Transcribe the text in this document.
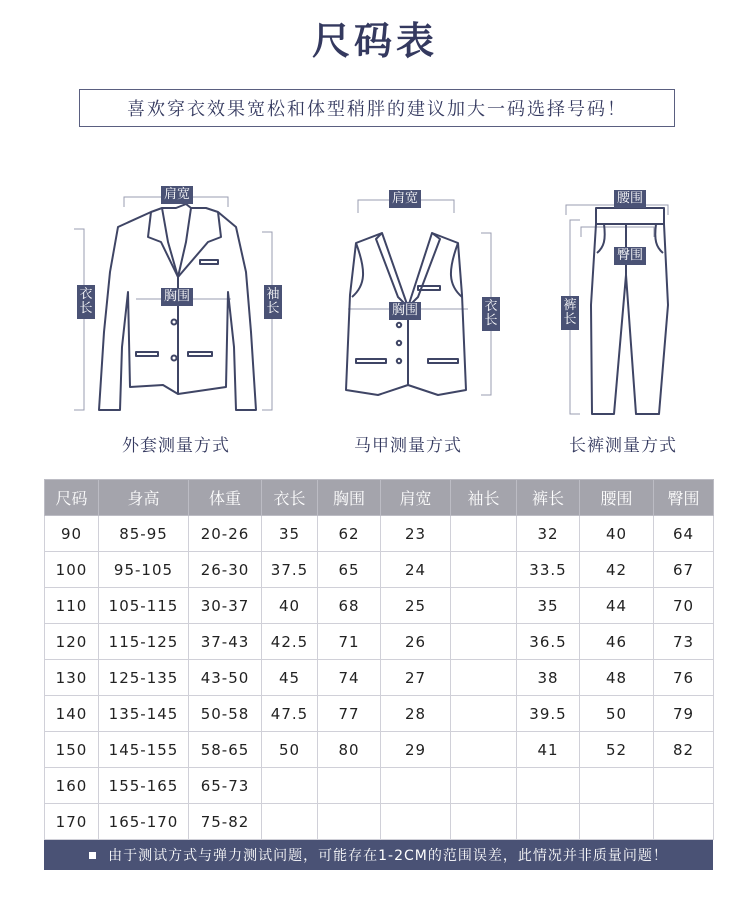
尺码表
喜欢穿衣效果宽松和体型稍胖的建议加大一码选择号码！
肩宽
胸围
衣长
袖长
外套测量方式
肩宽
胸围	衣长
马甲测量方式
腰围
臀围
裤长
长裤测量方式
尺码	身高	体重	衣长	胸围	肩宽	袖长	裤长	腰围	臀围
90	85-95	20-26	35	62	23		32	40	64
100	95-105	26-30	37.5	65	24		33.5	42	67
110	105-115	30-37	40	68	25		35	44	70
120	115-125	37-43	42.5	71	26		36.5	46	73
130	125-135	43-50	45	74	27		38	48	76
140	135-145	50-58	47.5	77	28		39.5	50	79
150	145-155	58-65	50	80	29		41	52	82
160	155-165	65-73							
170	165-170	75-82							
由于测试方式与弹力测试问题，可能存在1-2CM的范围误差，此情况并非质量问题！
